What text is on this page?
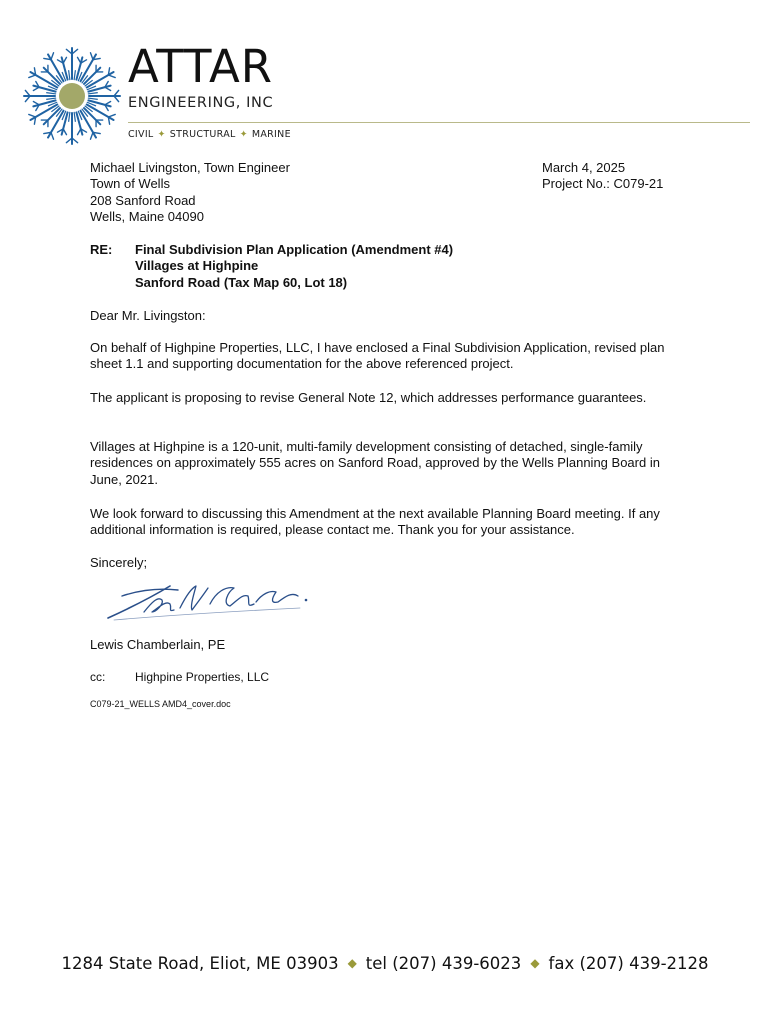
ATTAR
ENGINEERING, INC
CIVIL ✦ STRUCTURAL ✦ MARINE
Michael Livingston, Town Engineer
Town of Wells
208 Sanford Road
Wells, Maine 04090
March 4, 2025
Project No.: C079-21
RE: Final Subdivision Plan Application (Amendment #4)
Villages at Highpine
Sanford Road (Tax Map 60, Lot 18)
Dear Mr. Livingston:
On behalf of Highpine Properties, LLC, I have enclosed a Final Subdivision Application, revised plan sheet 1.1 and supporting documentation for the above referenced project.
The applicant is proposing to revise General Note 12, which addresses performance guarantees.
Villages at Highpine is a 120-unit, multi-family development consisting of detached, single-family residences on approximately 555 acres on Sanford Road, approved by the Wells Planning Board in June, 2021.
We look forward to discussing this Amendment at the next available Planning Board meeting. If any additional information is required, please contact me. Thank you for your assistance.
Sincerely;
Lewis Chamberlain, PE
cc: Highpine Properties, LLC
C079-21_WELLS AMD4_cover.doc
1284 State Road, Eliot, ME 03903 ◆ tel (207) 439-6023 ◆ fax (207) 439-2128
